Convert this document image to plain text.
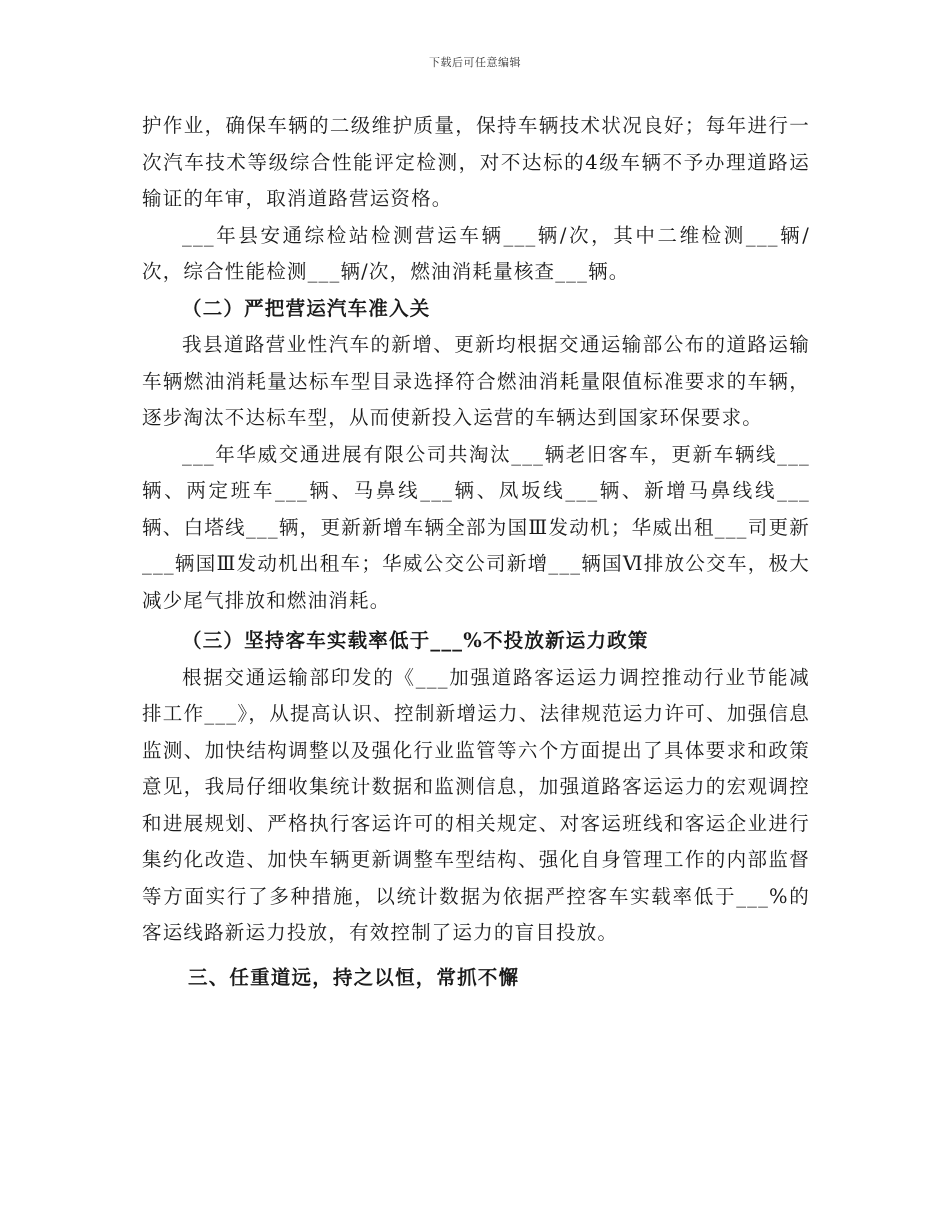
下载后可任意编辑

护作业，确保车辆的二级维护质量，保持车辆技术状况良好；每年进行一次汽车技术等级综合性能评定检测，对不达标的4级车辆不予办理道路运输证的年审，取消道路营运资格。

___年县安通综检站检测营运车辆___辆/次，其中二维检测___辆/次，综合性能检测___辆/次，燃油消耗量核查___辆。

（二）严把营运汽车准入关

我县道路营业性汽车的新增、更新均根据交通运输部公布的道路运输车辆燃油消耗量达标车型目录选择符合燃油消耗量限值标准要求的车辆，逐步淘汰不达标车型，从而使新投入运营的车辆达到国家环保要求。

___年华威交通进展有限公司共淘汰___辆老旧客车，更新车辆线___辆、两定班车___辆、马鼻线___辆、凤坂线___辆、新增马鼻线线___辆、白塔线___辆，更新新增车辆全部为国Ⅲ发动机；华威出租___司更新___辆国Ⅲ发动机出租车；华威公交公司新增___辆国Ⅵ排放公交车，极大减少尾气排放和燃油消耗。

（三）坚持客车实载率低于___%不投放新运力政策

根据交通运输部印发的《___加强道路客运运力调控推动行业节能减排工作___》，从提高认识、控制新增运力、法律规范运力许可、加强信息监测、加快结构调整以及强化行业监管等六个方面提出了具体要求和政策意见，我局仔细收集统计数据和监测信息，加强道路客运运力的宏观调控和进展规划、严格执行客运许可的相关规定、对客运班线和客运企业进行集约化改造、加快车辆更新调整车型结构、强化自身管理工作的内部监督等方面实行了多种措施，以统计数据为依据严控客车实载率低于___%的客运线路新运力投放，有效控制了运力的盲目投放。

三、任重道远，持之以恒，常抓不懈
